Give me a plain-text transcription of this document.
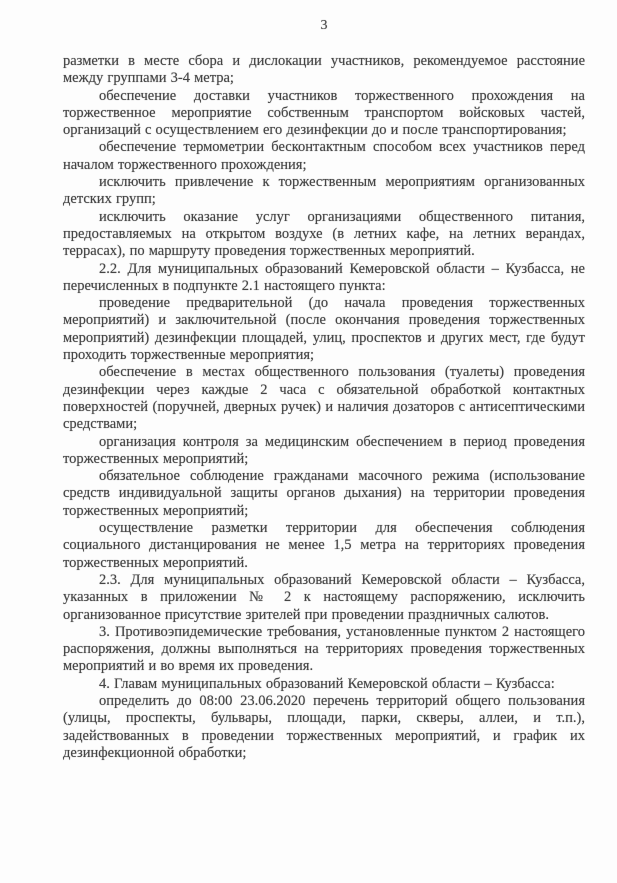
3

разметки в месте сбора и дислокации участников, рекомендуемое расстояние между группами 3-4 метра;

обеспечение доставки участников торжественного прохождения на торжественное мероприятие собственным транспортом войсковых частей, организаций с осуществлением его дезинфекции до и после транспортирования;

обеспечение термометрии бесконтактным способом всех участников перед началом торжественного прохождения;

исключить привлечение к торжественным мероприятиям организованных детских групп;

исключить оказание услуг организациями общественного питания, предоставляемых на открытом воздухе (в летних кафе, на летних верандах, террасах), по маршруту проведения торжественных мероприятий.

2.2. Для муниципальных образований Кемеровской области – Кузбасса, не перечисленных в подпункте 2.1 настоящего пункта:

проведение предварительной (до начала проведения торжественных мероприятий) и заключительной (после окончания проведения торжественных мероприятий) дезинфекции площадей, улиц, проспектов и других мест, где будут проходить торжественные мероприятия;

обеспечение в местах общественного пользования (туалеты) проведения дезинфекции через каждые 2 часа с обязательной обработкой контактных поверхностей (поручней, дверных ручек) и наличия дозаторов с антисептическими средствами;

организация контроля за медицинским обеспечением в период проведения торжественных мероприятий;

обязательное соблюдение гражданами масочного режима (использование средств индивидуальной защиты органов дыхания) на территории проведения торжественных мероприятий;

осуществление разметки территории для обеспечения соблюдения социального дистанцирования не менее 1,5 метра на территориях проведения торжественных мероприятий.

2.3. Для муниципальных образований Кемеровской области – Кузбасса, указанных в приложении № 2 к настоящему распоряжению, исключить организованное присутствие зрителей при проведении праздничных салютов.

3. Противоэпидемические требования, установленные пунктом 2 настоящего распоряжения, должны выполняться на территориях проведения торжественных мероприятий и во время их проведения.

4. Главам муниципальных образований Кемеровской области – Кузбасса:

определить до 08:00 23.06.2020 перечень территорий общего пользования (улицы, проспекты, бульвары, площади, парки, скверы, аллеи, и т.п.), задействованных в проведении торжественных мероприятий, и график их дезинфекционной обработки;
